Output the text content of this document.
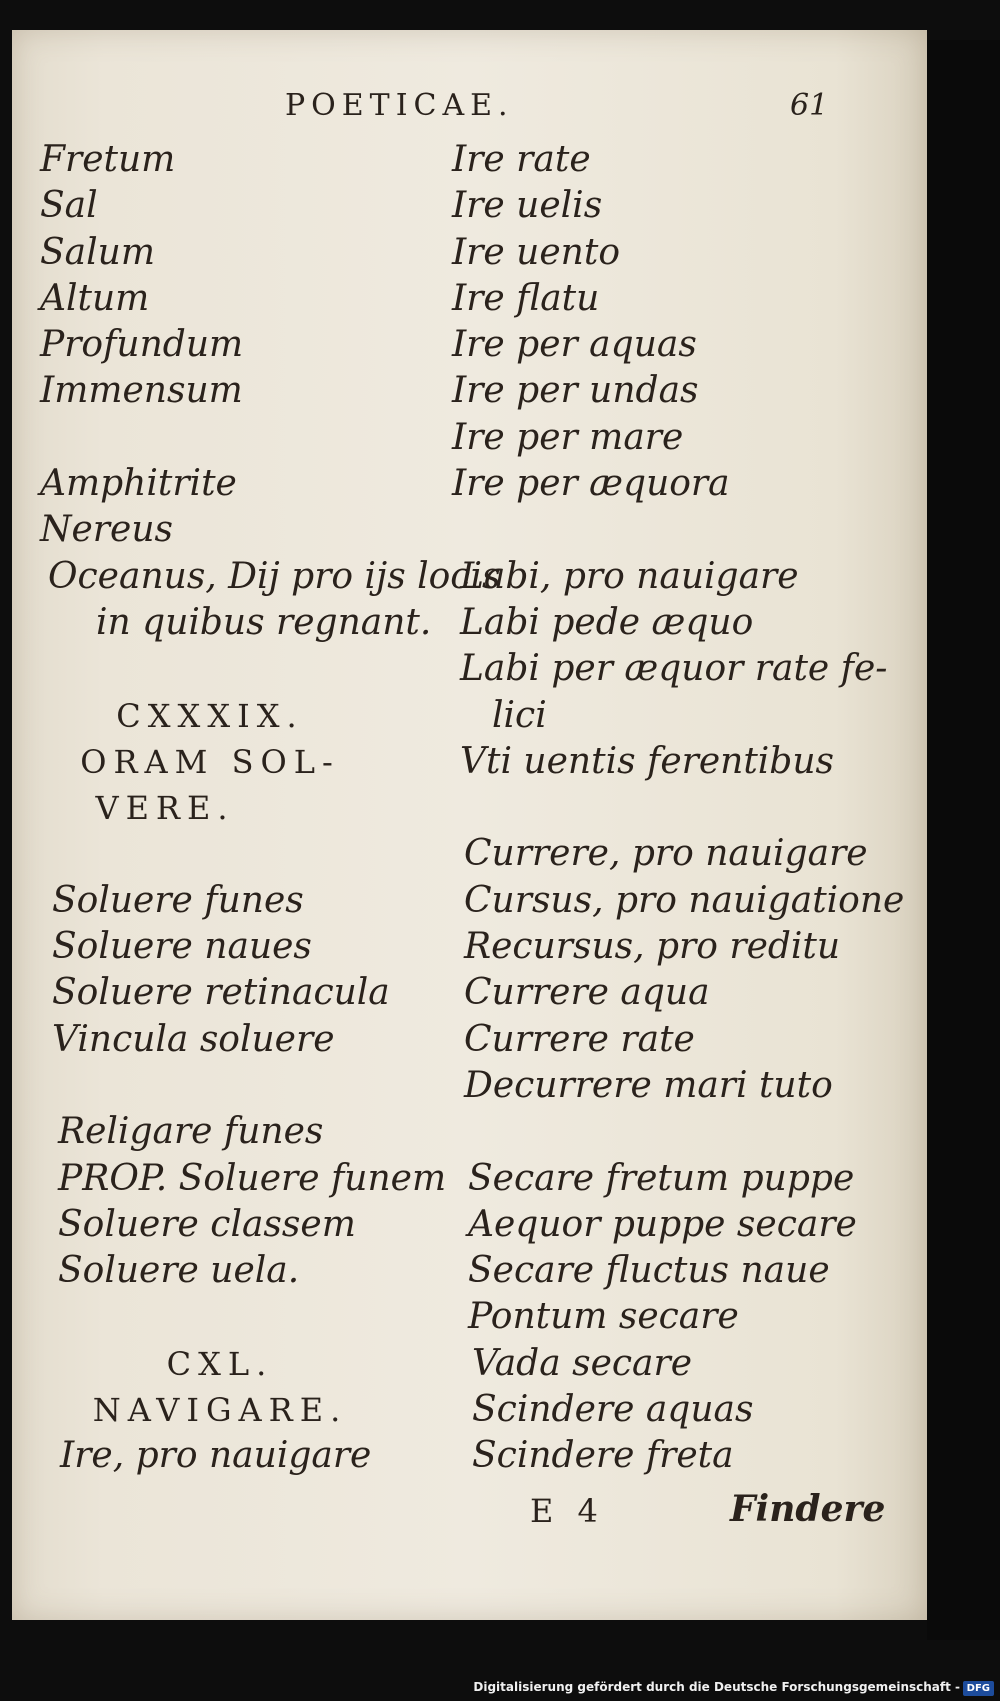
POETICAE.	61
Fretum
Sal
Salum
Altum
Profundum
Immensum
Amphitrite
Nereus
Oceanus, Dij pro ijs locis
in quibus regnant.
CXXXIX.
ORAM SOL-
VERE.
Soluere funes
Soluere naues
Soluere retinacula
Vincula soluere
Religare funes
PROP. Soluere funem
Soluere classem
Soluere uela.
CXL.
NAVIGARE.
Ire, pro nauigare
Ire rate
Ire uelis
Ire uento
Ire flatu
Ire per aquas
Ire per undas
Ire per mare
Ire per æquora
Labi, pro nauigare
Labi pede æquo
Labi per æquor rate fe-
lici
Vti uentis ferentibus
Currere, pro nauigare
Cursus, pro nauigatione
Recursus, pro reditu
Currere aqua
Currere rate
Decurrere mari tuto
Secare fretum puppe
Aequor puppe secare
Secare fluctus naue
Pontum secare
Vada secare
Scindere aquas
Scindere freta
E 4	Findere
Digitalisierung gefördert durch die Deutsche Forschungsgemeinschaft - DFG
